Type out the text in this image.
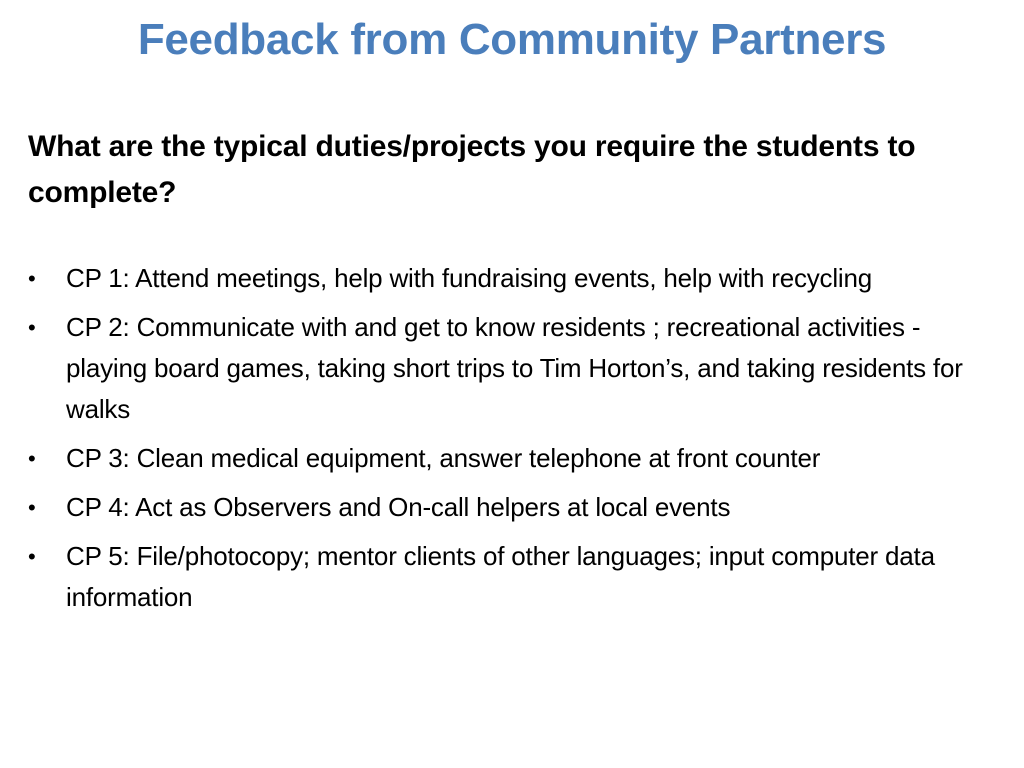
Feedback from Community Partners
What are the typical duties/projects you require the students to complete?
•	CP 1: Attend meetings, help with fundraising events, help with recycling
•	CP 2: Communicate with and get to know residents ; recreational activities - playing board games, taking short trips to Tim Horton’s, and taking residents for walks
•	CP 3: Clean medical equipment, answer telephone at front counter
•	CP 4: Act as Observers and On-call helpers at local events
•	CP 5: File/photocopy; mentor clients of other languages; input computer data information
